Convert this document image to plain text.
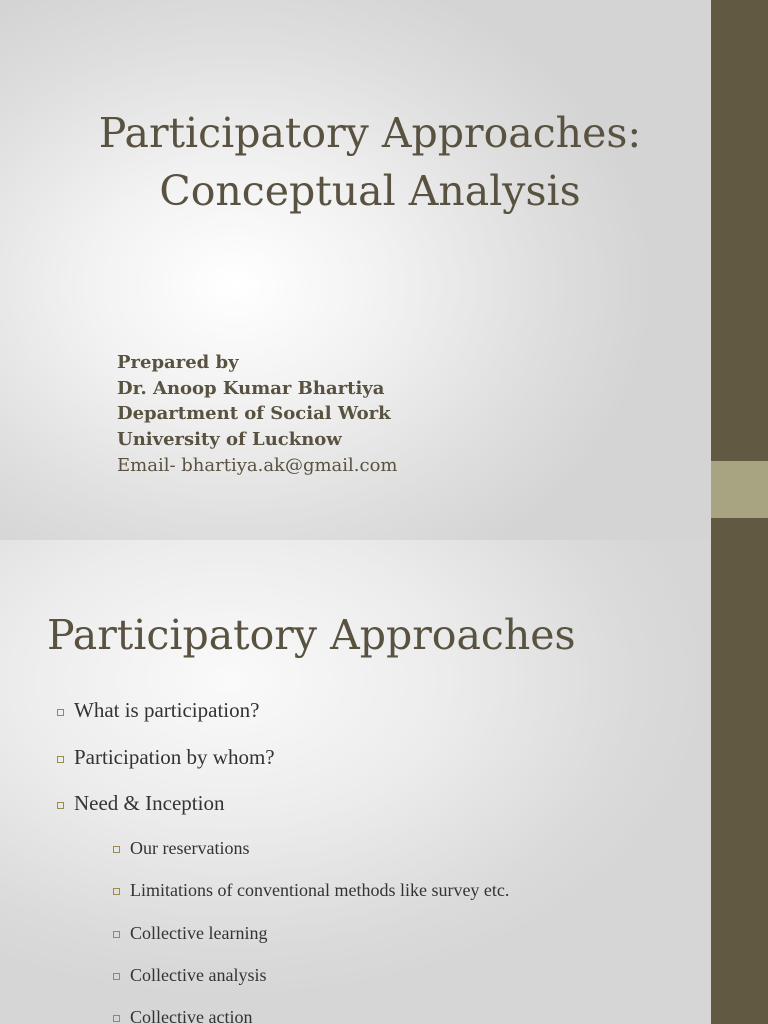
Participatory Approaches:
Conceptual Analysis
Prepared by
Dr. Anoop Kumar Bhartiya
Department of Social Work
University of Lucknow
Email- bhartiya.ak@gmail.com
Participatory Approaches
What is participation?
Participation by whom?
Need & Inception
Our reservations
Limitations of conventional methods like survey etc.
Collective learning
Collective analysis
Collective action
